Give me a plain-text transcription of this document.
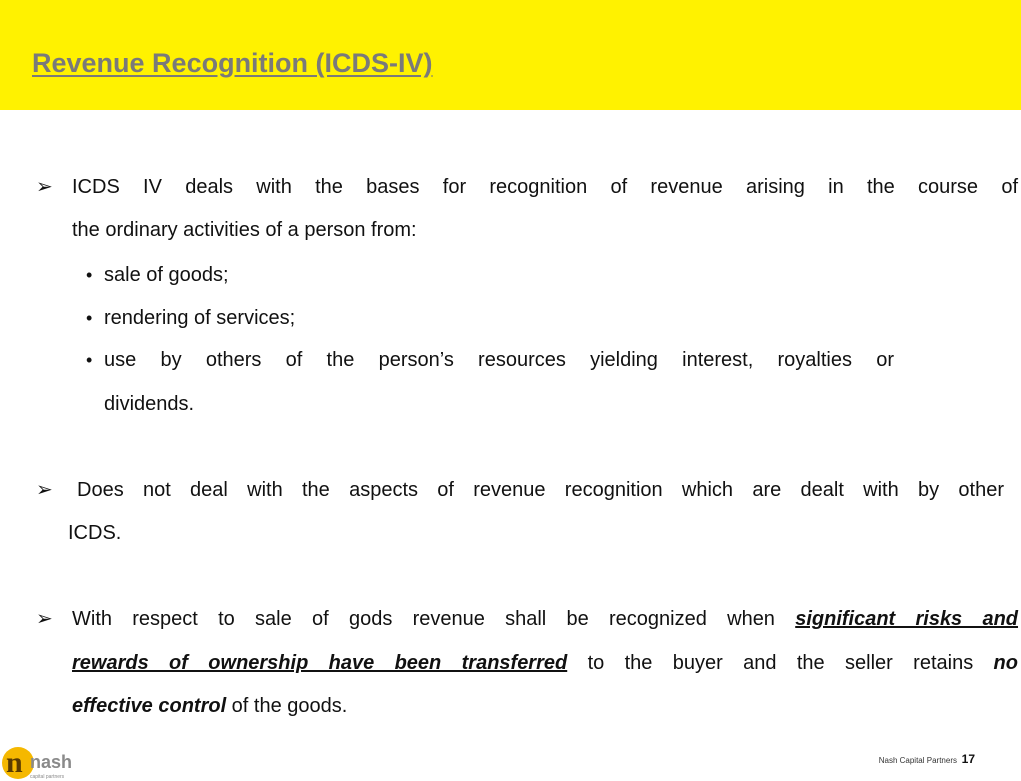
Revenue Recognition (ICDS-IV)
➢ ICDS IV deals with the bases for recognition of revenue arising in the course of
the ordinary activities of a person from:
• sale of goods;
• rendering of services;
• use by others of the person’s resources yielding interest, royalties or
dividends.
➢ Does not deal with the aspects of revenue recognition which are dealt with by other
ICDS.
➢ With respect to sale of gods revenue shall be recognized when significant risks and
rewards of ownership have been transferred to the buyer and the seller retains no
effective control of the goods.
n nash
capital partners
Nash Capital Partners 17
